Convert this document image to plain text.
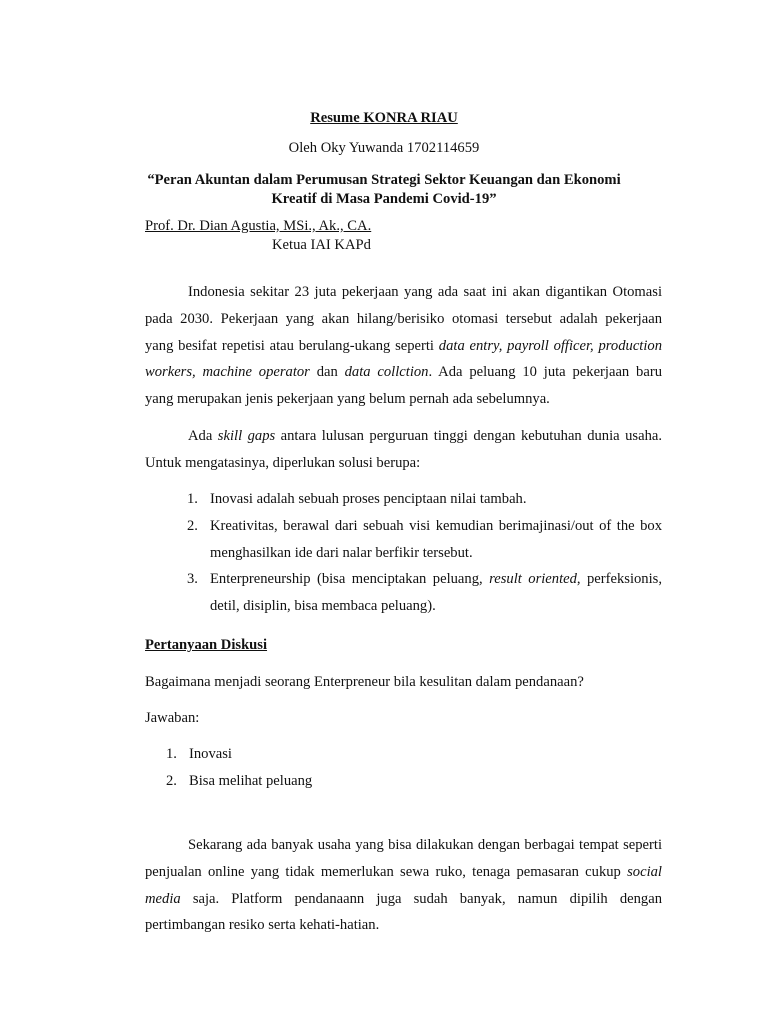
Resume KONRA RIAU
Oleh Oky Yuwanda 1702114659
“Peran Akuntan dalam Perumusan Strategi Sektor Keuangan dan Ekonomi
Kreatif di Masa Pandemi Covid-19”
Prof. Dr. Dian Agustia, MSi., Ak., CA.
Ketua IAI KAPd
Indonesia sekitar 23 juta pekerjaan yang ada saat ini akan digantikan Otomasi
pada 2030. Pekerjaan yang akan hilang/berisiko otomasi tersebut adalah pekerjaan
yang besifat repetisi atau berulang-ukang seperti data entry, payroll officer, production
workers, machine operator dan data collction. Ada peluang 10 juta pekerjaan baru
yang merupakan jenis pekerjaan yang belum pernah ada sebelumnya.
Ada skill gaps antara lulusan perguruan tinggi dengan kebutuhan dunia usaha.
Untuk mengatasinya, diperlukan solusi berupa:
1. Inovasi adalah sebuah proses penciptaan nilai tambah.
2. Kreativitas, berawal dari sebuah visi kemudian berimajinasi/out of the box
menghasilkan ide dari nalar berfikir tersebut.
3. Enterpreneurship (bisa menciptakan peluang, result oriented, perfeksionis,
detil, disiplin, bisa membaca peluang).
Pertanyaan Diskusi
Bagaimana menjadi seorang Enterpreneur bila kesulitan dalam pendanaan?
Jawaban:
1. Inovasi
2. Bisa melihat peluang
Sekarang ada banyak usaha yang bisa dilakukan dengan berbagai tempat seperti
penjualan online yang tidak memerlukan sewa ruko, tenaga pemasaran cukup social
media saja. Platform pendanaann juga sudah banyak, namun dipilih dengan
pertimbangan resiko serta kehati-hatian.
